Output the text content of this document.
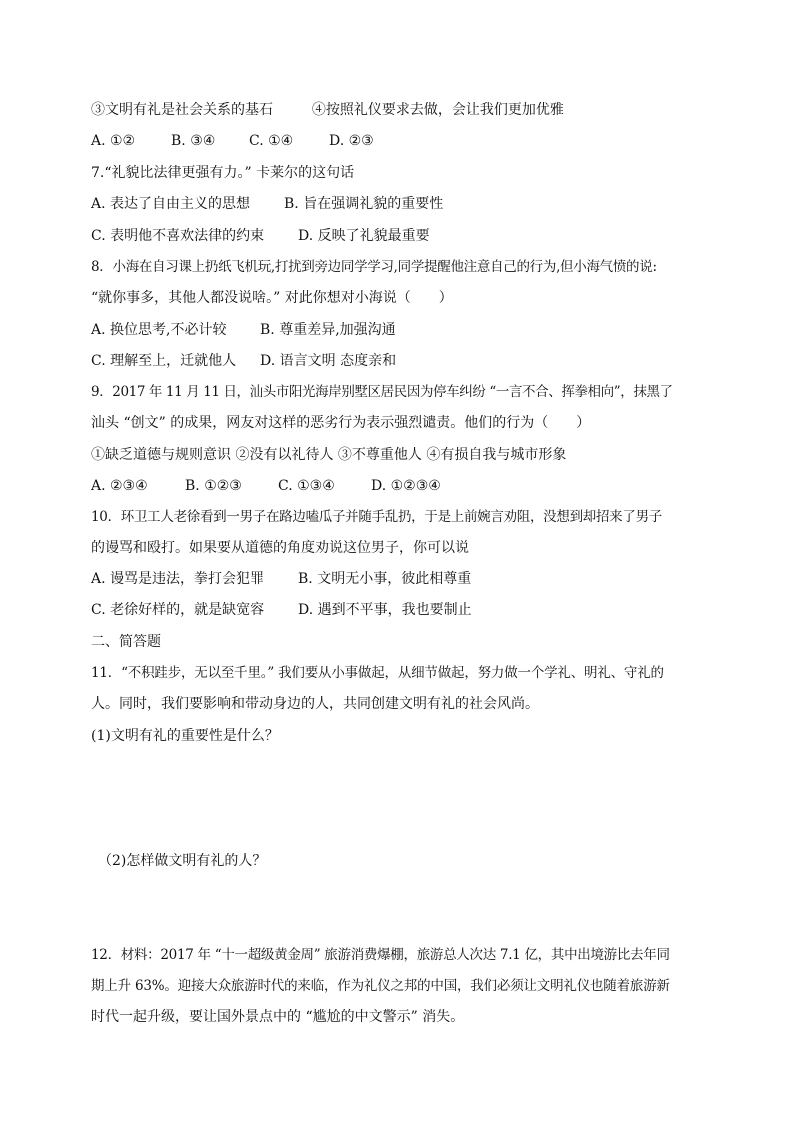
③文明有礼是社会关系的基石	④按照礼仪要求去做，会让我们更加优雅
A. ①②	B. ③④ C. ①④	D. ②③
7.“礼貌比法律更强有力。” 卡莱尔的这句话
A. 表达了自由主义的思想 B. 旨在强调礼貌的重要性
C. 表明他不喜欢法律的约束 D. 反映了礼貌最重要
8．小海在自习课上扔纸飞机玩,打扰到旁边同学学习,同学提醒他注意自己的行为,但小海气愤的说:
“就你事多，其他人都没说啥。” 对此你想对小海说（　　）
A. 换位思考,不必计较 B. 尊重差异,加强沟通
C. 理解至上，迁就他人 D. 语言文明 态度亲和
9．2017 年 11 月 11 日，汕头市阳光海岸别墅区居民因为停车纠纷 “一言不合、挥拳相向”，抹黑了
汕头 “创文” 的成果，网友对这样的恶劣行为表示强烈谴责。他们的行为（　　）
①缺乏道德与规则意识 ②没有以礼待人 ③不尊重他人 ④有损自我与城市形象
A. ②③④	B. ①②③	C. ①③④	D. ①②③④
10．环卫工人老徐看到一男子在路边嗑瓜子并随手乱扔，于是上前婉言劝阻，没想到却招来了男子
的谩骂和殴打。如果要从道德的角度劝说这位男子，你可以说
A. 谩骂是违法，拳打会犯罪 B. 文明无小事，彼此相尊重
C. 老徐好样的，就是缺宽容 D. 遇到不平事，我也要制止
二、简答题
11．“不积跬步，无以至千里。” 我们要从小事做起，从细节做起，努力做一个学礼、明礼、守礼的
人。同时，我们要影响和带动身边的人，共同创建文明有礼的社会风尚。
(1)文明有礼的重要性是什么？
（2)怎样做文明有礼的人？
12．材料：2017 年 “十一超级黄金周” 旅游消费爆棚，旅游总人次达 7.1 亿，其中出境游比去年同
期上升 63%。迎接大众旅游时代的来临，作为礼仪之邦的中国，我们必须让文明礼仪也随着旅游新
时代一起升级，要让国外景点中的 “尴尬的中文警示” 消失。
